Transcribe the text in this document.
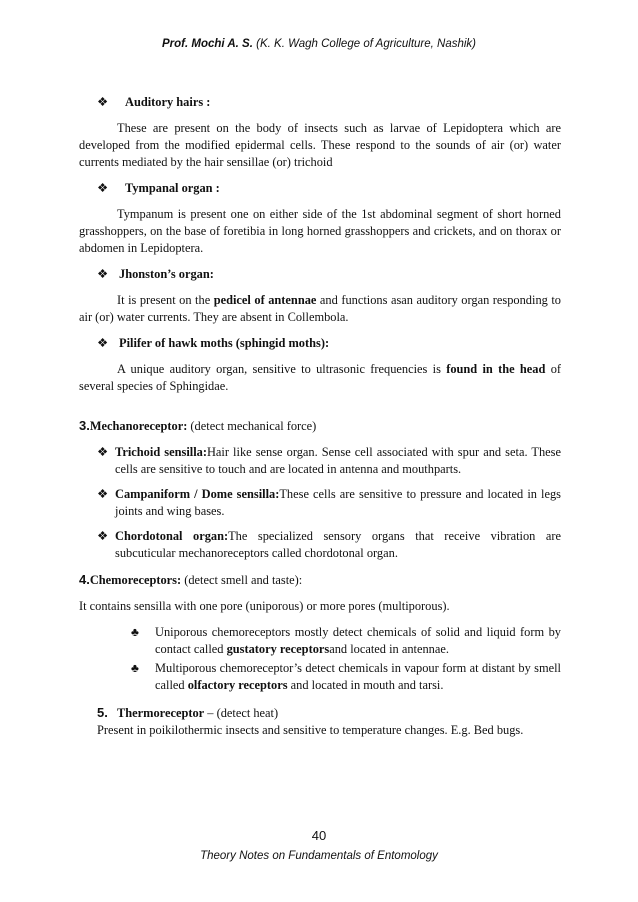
Prof. Mochi A. S. (K. K. Wagh College of Agriculture, Nashik)
❖	Auditory hairs :

These are present on the body of insects such as larvae of Lepidoptera which are developed from the modified epidermal cells. These respond to the sounds of air (or) water currents mediated by the hair sensillae (or) trichoid

❖	Tympanal organ :

Tympanum is present one on either side of the 1st abdominal segment of short horned grasshoppers, on the base of foretibia in long horned grasshoppers and crickets, and on thorax or abdomen in Lepidoptera.

❖ Jhonston’s organ:

It is present on the pedicel of antennae and functions asan auditory organ responding to air (or) water currents. They are absent in Collembola.

❖ Pilifer of hawk moths (sphingid moths):

A unique auditory organ, sensitive to ultrasonic frequencies is found in the head of several species of Sphingidae.

3.Mechanoreceptor: (detect mechanical force)
❖ Trichoid sensilla:Hair like sense organ. Sense cell associated with spur and seta. These cells are sensitive to touch and are located in antenna and mouthparts.
❖ Campaniform / Dome sensilla:These cells are sensitive to pressure and located in legs joints and wing bases.
❖ Chordotonal organ:The specialized sensory organs that receive vibration are subcuticular mechanoreceptors called chordotonal organ.
4.Chemoreceptors: (detect smell and taste):

It contains sensilla with one pore (uniporous) or more pores (multiporous).

♣	Uniporous chemoreceptors mostly detect chemicals of solid and liquid form by contact called gustatory receptorsand located in antennae.
♣	Multiporous chemoreceptor’s detect chemicals in vapour form at distant by smell called olfactory receptors and located in mouth and tarsi.
5. Thermoreceptor – (detect heat)
Present in poikilothermic insects and sensitive to temperature changes. E.g. Bed bugs.
40
Theory Notes on Fundamentals of Entomology
